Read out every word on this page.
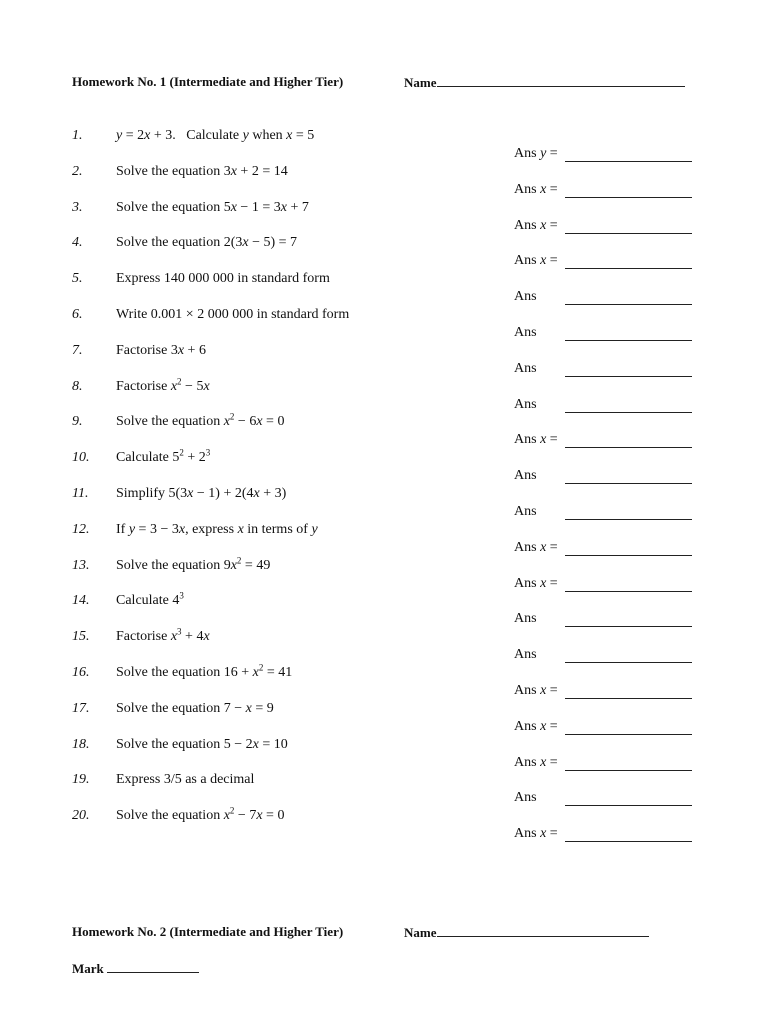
Homework No. 1 (Intermediate and Higher Tier)	Name
1. y = 2x + 3.   Calculate y when x = 5
Ans y =
2. Solve the equation 3x + 2 = 14
Ans x =
3. Solve the equation 5x − 1 = 3x + 7
Ans x =
4. Solve the equation 2(3x − 5) = 7
Ans x =
5. Express 140 000 000 in standard form
Ans
6. Write 0.001 × 2 000 000 in standard form
Ans
7. Factorise 3x + 6
Ans
8. Factorise $x^2 - 5x$
Ans
9. Solve the equation $x^2 - 6x = 0$
Ans x =
10. Calculate $5^2 + 2^3$
Ans
11. Simplify 5(3x − 1) + 2(4x + 3)
Ans
12. If y = 3 − 3x, express x in terms of y
Ans x =
13. Solve the equation $9x^2 = 49$
Ans x =
14. Calculate $4^3$
Ans
15. Factorise $x^3 + 4x$
Ans
16. Solve the equation $16 + x^2 = 41$
Ans x =
17. Solve the equation 7 − x = 9
Ans x =
18. Solve the equation 5 − 2x = 10
Ans x =
19. Express 3/5 as a decimal
Ans
20. Solve the equation $x^2 - 7x = 0$
Ans x =
Homework No. 2 (Intermediate and Higher Tier)	Name
Mark
